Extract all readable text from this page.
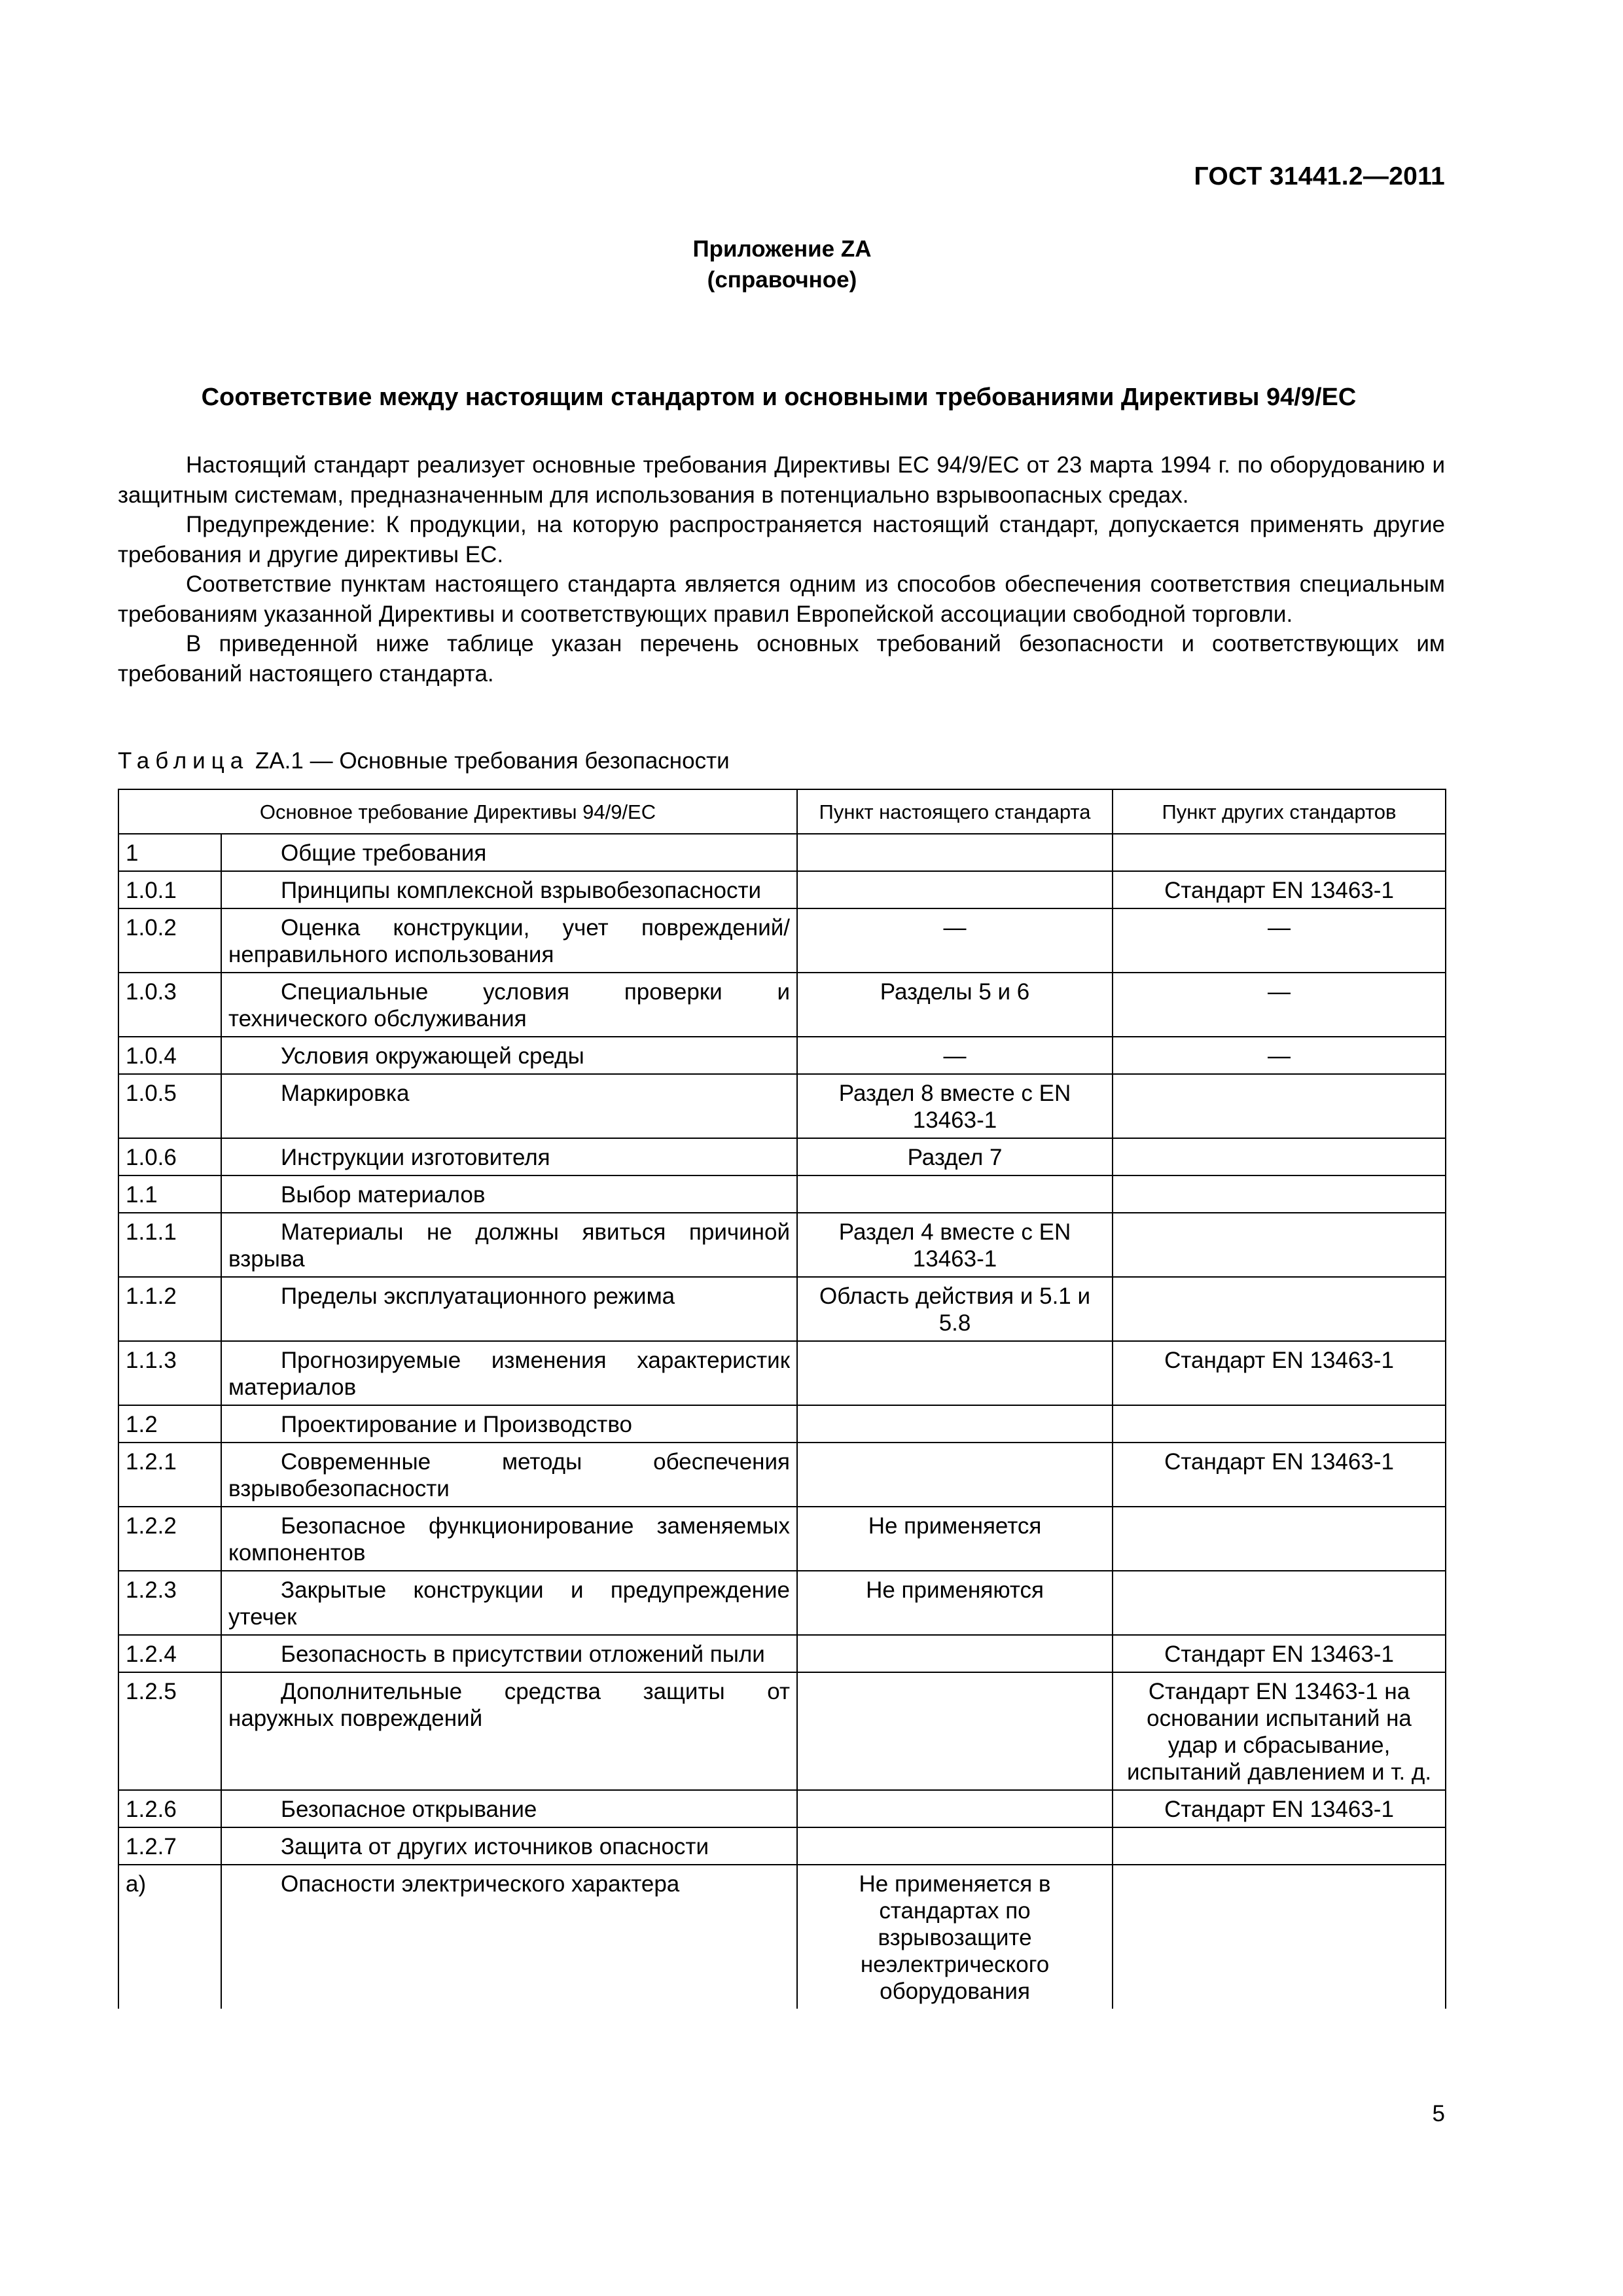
ГОСТ 31441.2—2011
Приложение ZA
(справочное)
Соответствие между настоящим стандартом и основными требованиями Директивы 94/9/ЕС

Настоящий стандарт реализует основные требования Директивы ЕС 94/9/ЕС от 23 марта 1994 г. по оборудованию и защитным системам, предназначенным для использования в потенциально взрывоопасных средах.

Предупреждение: К продукции, на которую распространяется настоящий стандарт, допускается применять другие требования и другие директивы ЕС.

Соответствие пунктам настоящего стандарта является одним из способов обеспечения соответствия специальным требованиям указанной Директивы и соответствующих правил Европейской ассоциации свободной торговли.

В приведенной ниже таблице указан перечень основных требований безопасности и соответствующих им требований настоящего стандарта.

Таблица ZA.1 — Основные требования безопасности
Основное требование Директивы 94/9/ЕС		Пункт настоящего стандарта	Пункт других стандартов
1	Общие требования		

1.0.1	Принципы комплексной взрывобезопасности		Стандарт EN 13463-1
1.0.2	Оценка конструкции, учет повреждений/неправильного использования	—	—
1.0.3	Специальные условия проверки и технического обслуживания	Разделы 5 и 6	—
1.0.4	Условия окружающей среды	—	—
1.0.5	Маркировка	Раздел 8 вместе с EN 13463-1	
1.0.6	Инструкции изготовителя	Раздел 7	
1.1	Выбор материалов		

1.1.1	Материалы не должны явиться причиной взрыва	Раздел 4 вместе с EN 13463-1	
1.1.2	Пределы эксплуатационного режима	Область действия и 5.1 и 5.8	
1.1.3	Прогнозируемые изменения характеристик материалов		Стандарт EN 13463-1
1.2	Проектирование и Производство		

1.2.1	Современные методы обеспечения взрывобезопасности		Стандарт EN 13463-1
1.2.2	Безопасное функционирование заменяемых компонентов	Не применяется	
1.2.3	Закрытые конструкции и предупреждение утечек	Не применяются	
1.2.4	Безопасность в присутствии отложений пыли		Стандарт EN 13463-1
1.2.5	Дополнительные средства защиты от наружных повреждений		Стандарт EN 13463-1 на основании испытаний на удар и сбрасывание, испытаний давлением и т. д.
1.2.6	Безопасное открывание		Стандарт EN 13463-1
1.2.7	Защита от других источников опасности		

a)	Опасности электрического характера	Не применяется в стандартах по взрывозащите неэлектрического оборудования	
5
